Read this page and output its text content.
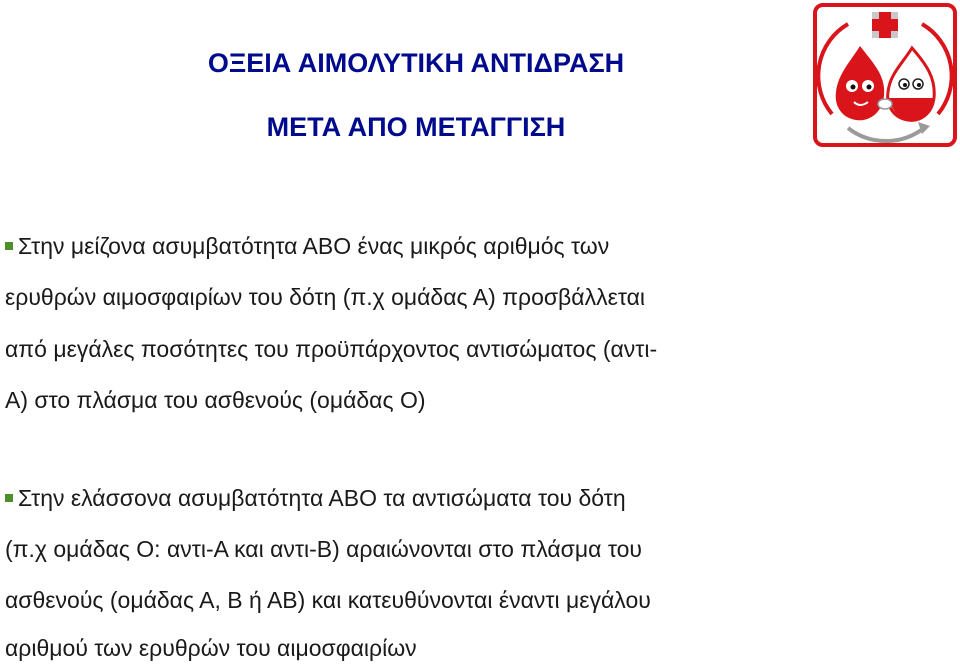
ΟΞΕΙΑ ΑΙΜΟΛΥΤΙΚΗ ΑΝΤΙΔΡΑΣΗ
ΜΕΤΑ ΑΠΟ ΜΕΤΑΓΓΙΣΗ
Στην μείζονα ασυμβατότητα ΑΒΟ ένας μικρός αριθμός των
ερυθρών αιμοσφαιρίων του δότη (π.χ ομάδας Α) προσβάλλεται
από μεγάλες ποσότητες του προϋπάρχοντος αντισώματος (αντι-
Α) στο πλάσμα του ασθενούς (ομάδας Ο)
Στην ελάσσονα ασυμβατότητα ΑΒΟ τα αντισώματα του δότη
(π.χ ομάδας Ο: αντι-Α και αντι-Β) αραιώνονται στο πλάσμα του
ασθενούς (ομάδας Α, Β ή ΑΒ) και κατευθύνονται έναντι μεγάλου
αριθμού των ερυθρών του αιμοσφαιρίων
